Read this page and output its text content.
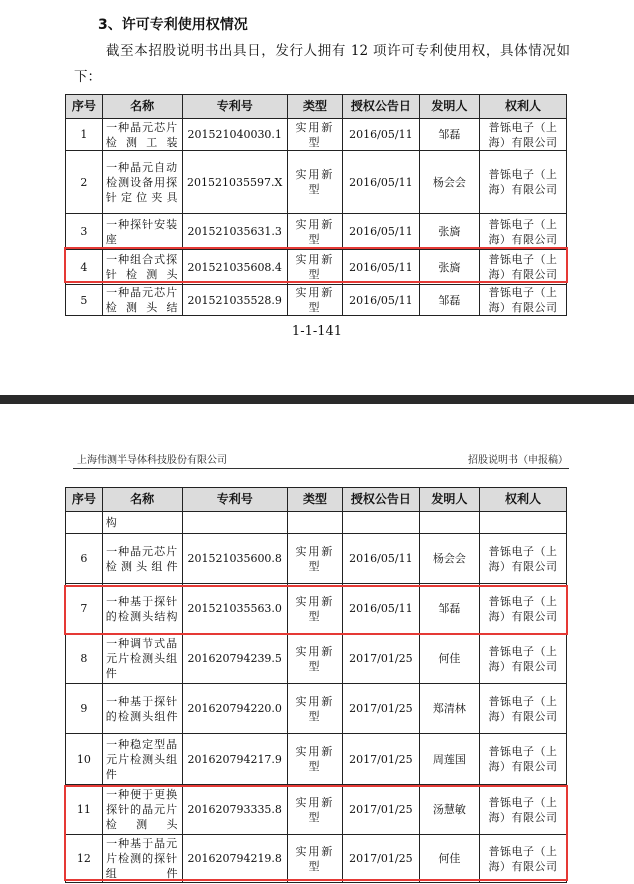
3、许可专利使用权情况
截至本招股说明书出具日，发行人拥有 12 项许可专利使用权，具体情况如下：
序号	名称	专利号	类型	授权公告日	发明人	权利人
1	一种晶元芯片检测工装	201521040030.1	实用新型	2016/05/11	邹磊	普铄电子（上海）有限公司
2	一种晶元自动检测设备用探针定位夹具	201521035597.X	实用新型	2016/05/11	杨会会	普铄电子（上海）有限公司
3	一种探针安装座	201521035631.3	实用新型	2016/05/11	张旖	普铄电子（上海）有限公司
4	一种组合式探针检测头	201521035608.4	实用新型	2016/05/11	张旖	普铄电子（上海）有限公司
5	一种晶元芯片检测头结	201521035528.9	实用新型	2016/05/11	邹磊	普铄电子（上海）有限公司
1-1-141
上海伟测半导体科技股份有限公司	招股说明书（申报稿）
序号	名称	专利号	类型	授权公告日	发明人	权利人
	构					
6	一种晶元芯片检测头组件	201521035600.8	实用新型	2016/05/11	杨会会	普铄电子（上海）有限公司
7	一种基于探针的检测头结构	201521035563.0	实用新型	2016/05/11	邹磊	普铄电子（上海）有限公司
8	一种调节式晶元片检测头组件	201620794239.5	实用新型	2017/01/25	何佳	普铄电子（上海）有限公司
9	一种基于探针的检测头组件	201620794220.0	实用新型	2017/01/25	郑清林	普铄电子（上海）有限公司
10	一种稳定型晶元片检测头组件	201620794217.9	实用新型	2017/01/25	周莲国	普铄电子（上海）有限公司
11	一种便于更换探针的晶元片检测头	201620793335.8	实用新型	2017/01/25	汤慧敏	普铄电子（上海）有限公司
12	一种基于晶元片检测的探针组件	201620794219.8	实用新型	2017/01/25	何佳	普铄电子（上海）有限公司
